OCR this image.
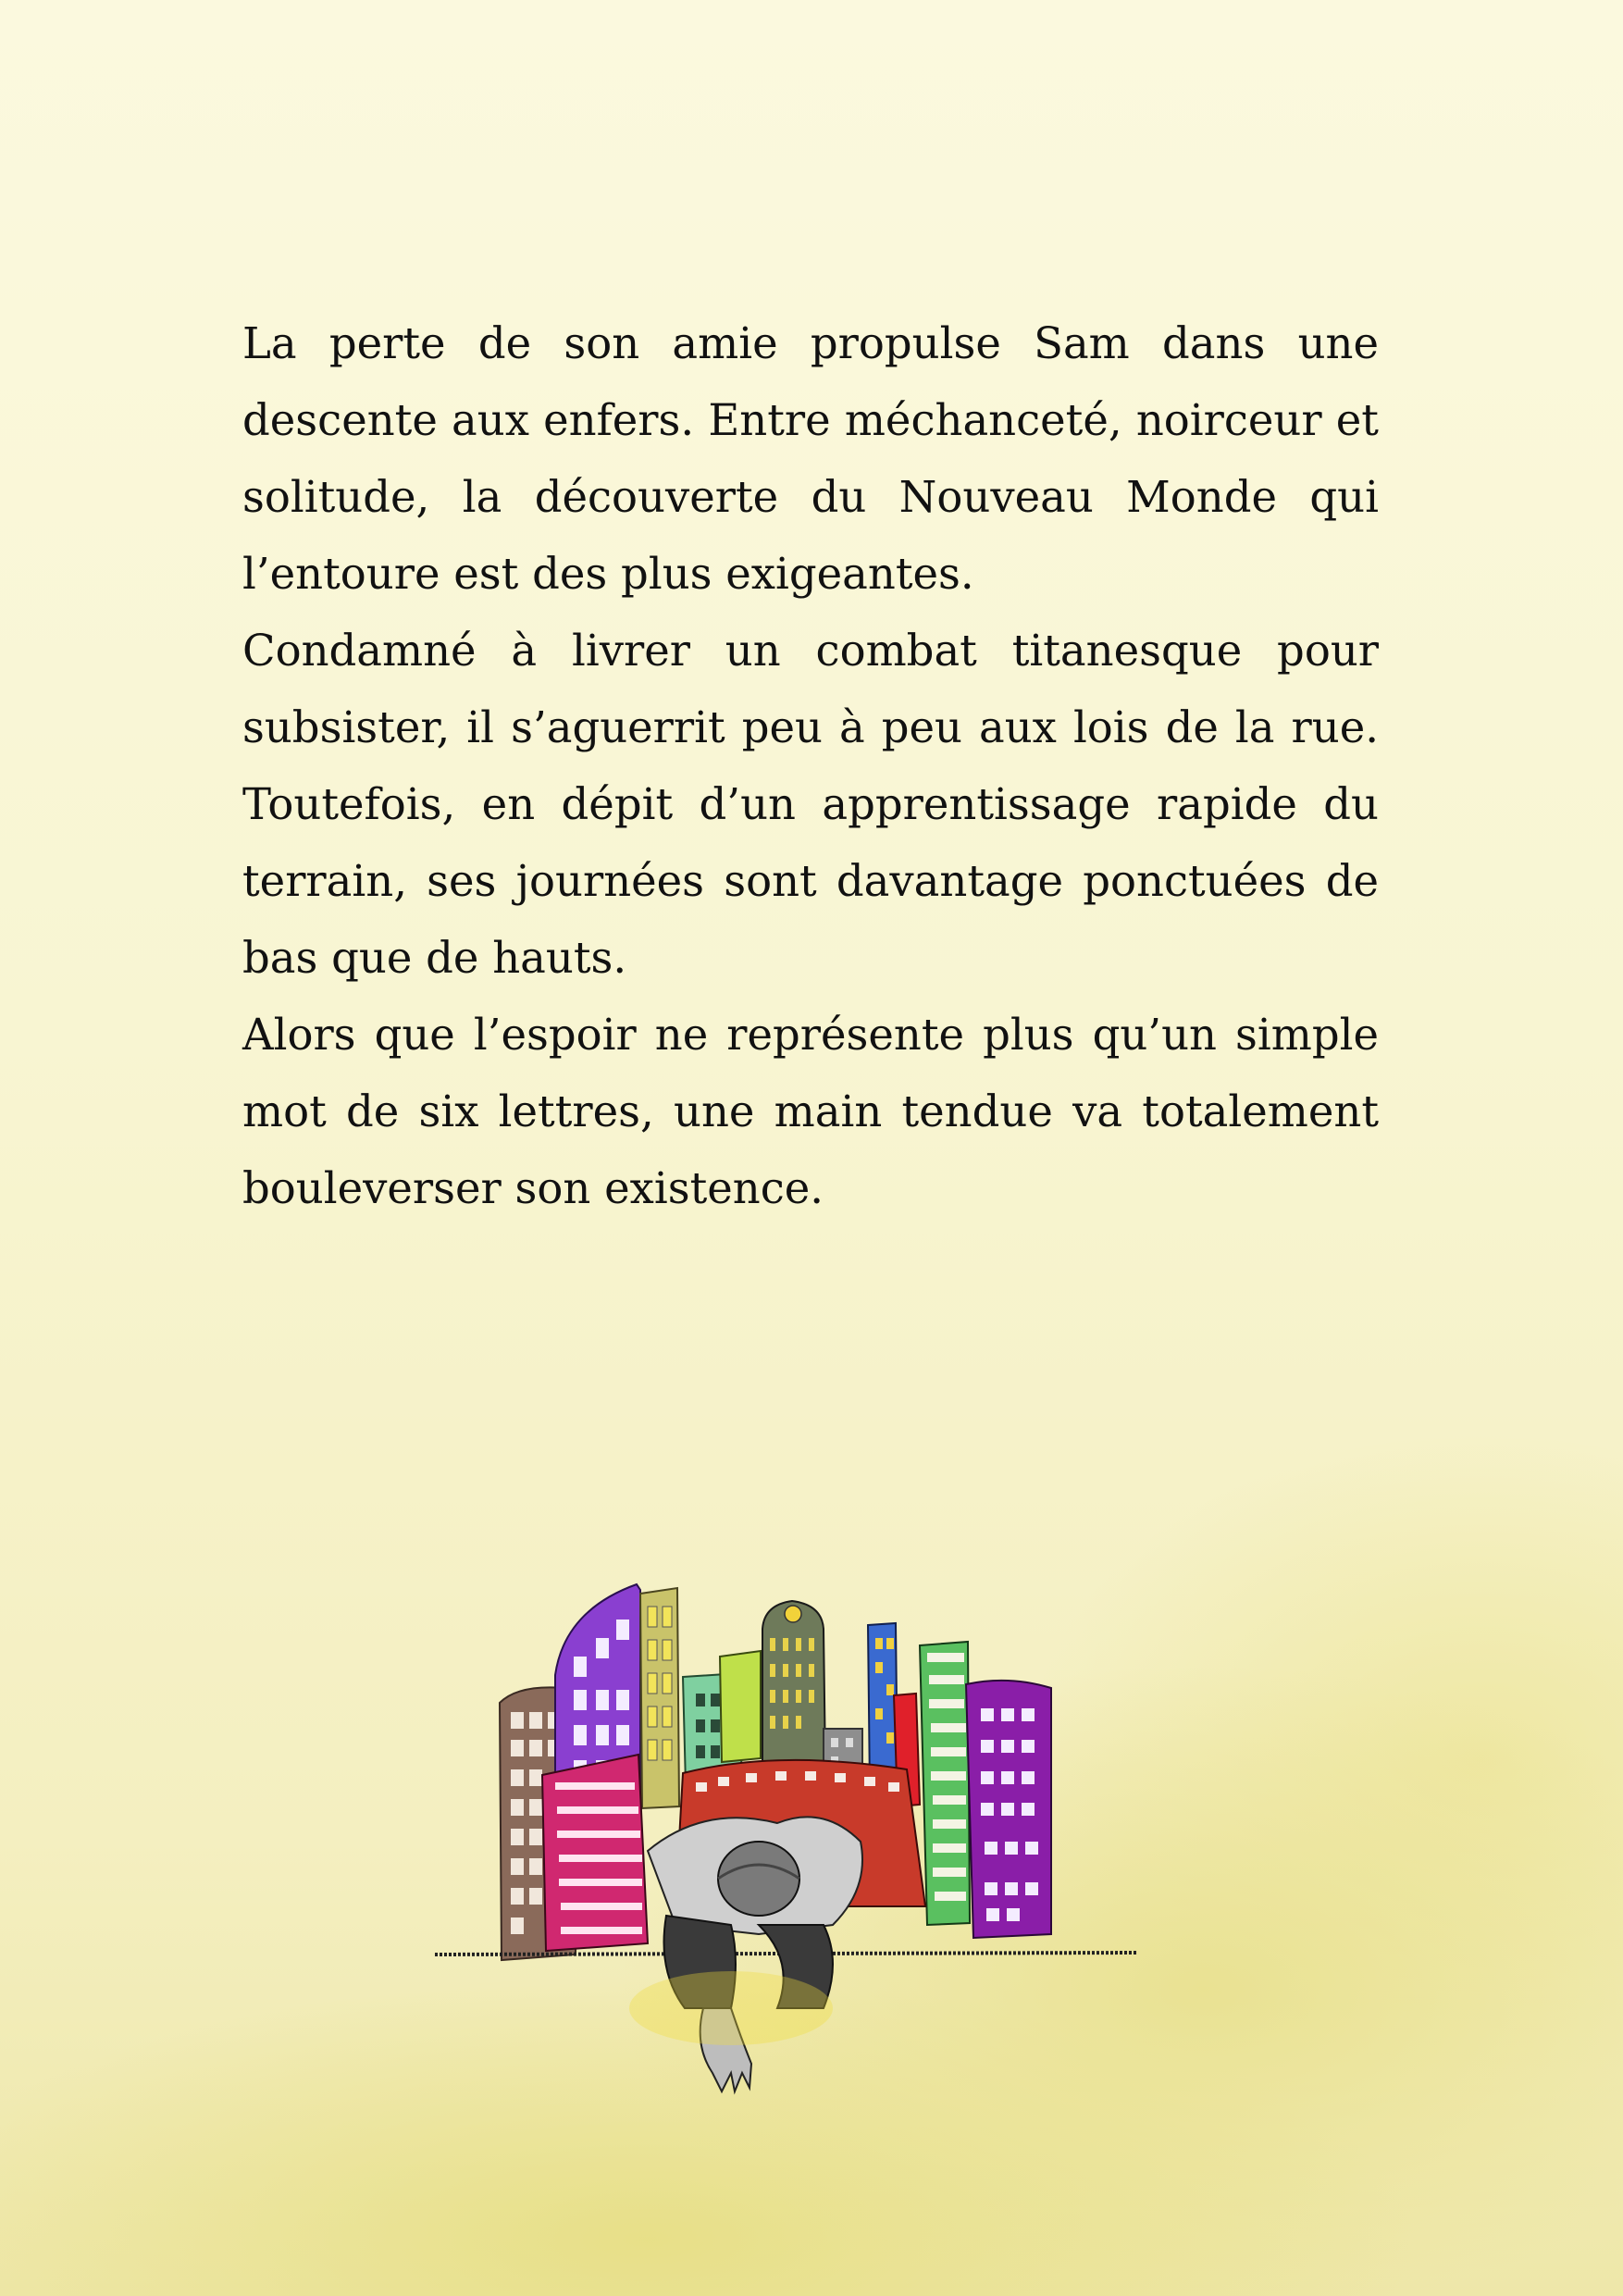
La perte de son amie propulse Sam dans une descente aux enfers. Entre méchanceté, noirceur et solitude, la découverte du Nouveau Monde qui l’entoure est des plus exigeantes.

Condamné à livrer un combat titanesque pour subsister, il s’aguerrit peu à peu aux lois de la rue. Toutefois, en dépit d’un apprentissage rapide du terrain, ses journées sont davantage ponctuées de bas que de hauts.

Alors que l’espoir ne représente plus qu’un simple mot de six lettres, une main tendue va totalement bouleverser son existence.
